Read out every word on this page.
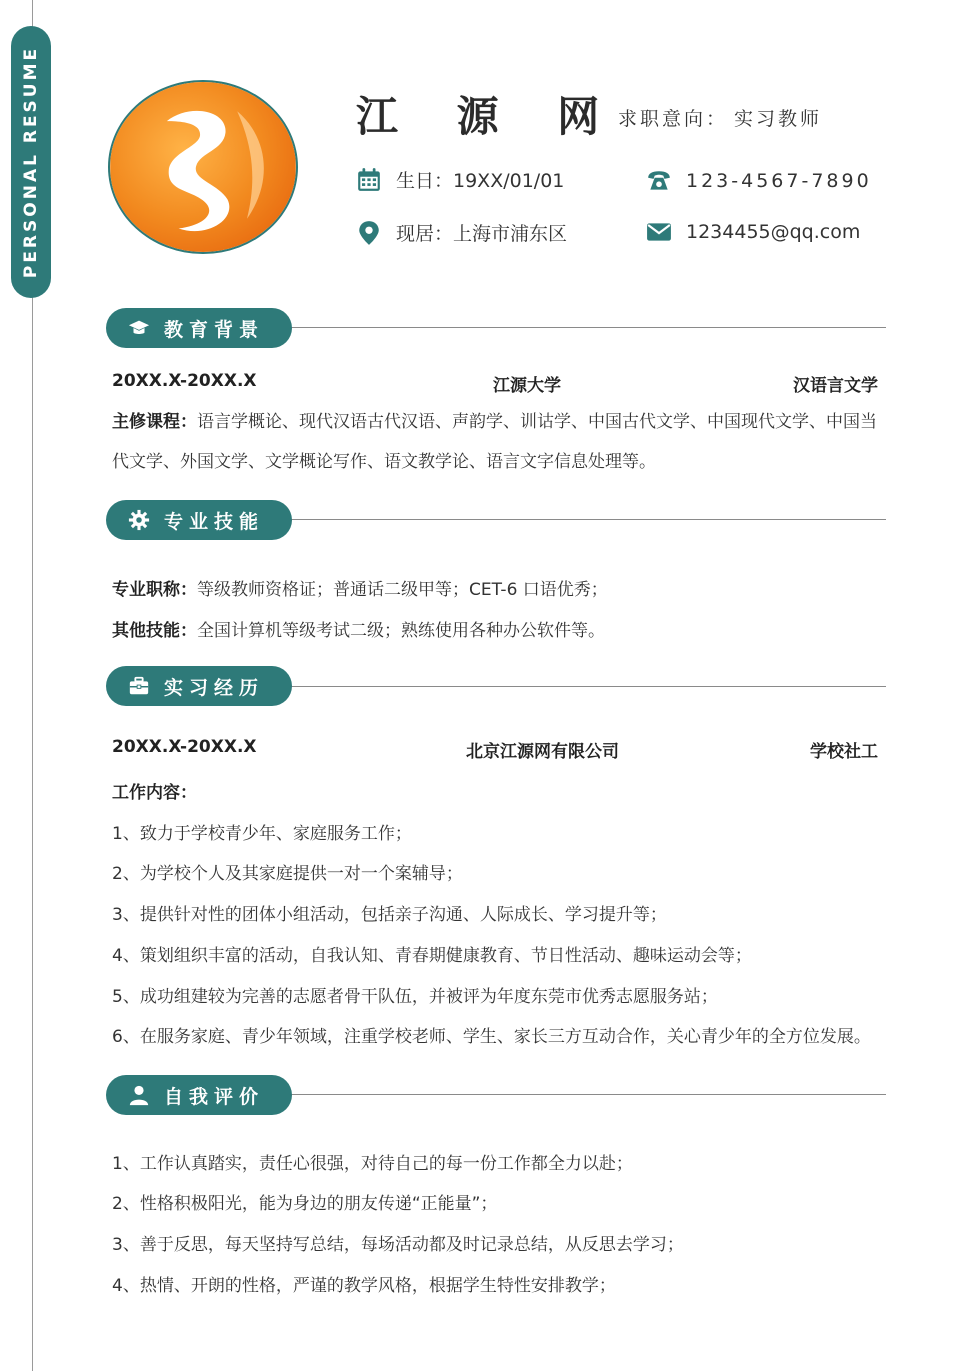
PERSONAL RESUME	江 源 网
求职意向： 实习教师
生日：19XX/01/01	123-4567-7890
现居：上海市浦东区	1234455@qq.com
教育背景
20XX.X-20XX.X	江源大学	汉语言文学
主修课程：语言学概论、现代汉语古代汉语、声韵学、训诂学、中国古代文学、中国现代文学、中国当代文学、外国文学、文学概论写作、语文教学论、语言文字信息处理等。
专业技能
专业职称：等级教师资格证；普通话二级甲等；CET-6 口语优秀；
其他技能：全国计算机等级考试二级；熟练使用各种办公软件等。
实习经历
20XX.X-20XX.X	北京江源网有限公司	学校社工
工作内容：
1、致力于学校青少年、家庭服务工作；
2、为学校个人及其家庭提供一对一个案辅导；
3、提供针对性的团体小组活动，包括亲子沟通、人际成长、学习提升等；
4、策划组织丰富的活动，自我认知、青春期健康教育、节日性活动、趣味运动会等；
5、成功组建较为完善的志愿者骨干队伍，并被评为年度东莞市优秀志愿服务站；
6、在服务家庭、青少年领域，注重学校老师、学生、家长三方互动合作，关心青少年的全方位发展。
自我评价
1、工作认真踏实，责任心很强，对待自己的每一份工作都全力以赴；
2、性格积极阳光，能为身边的朋友传递“正能量”；
3、善于反思，每天坚持写总结，每场活动都及时记录总结，从反思去学习；
4、热情、开朗的性格，严谨的教学风格，根据学生特性安排教学；
